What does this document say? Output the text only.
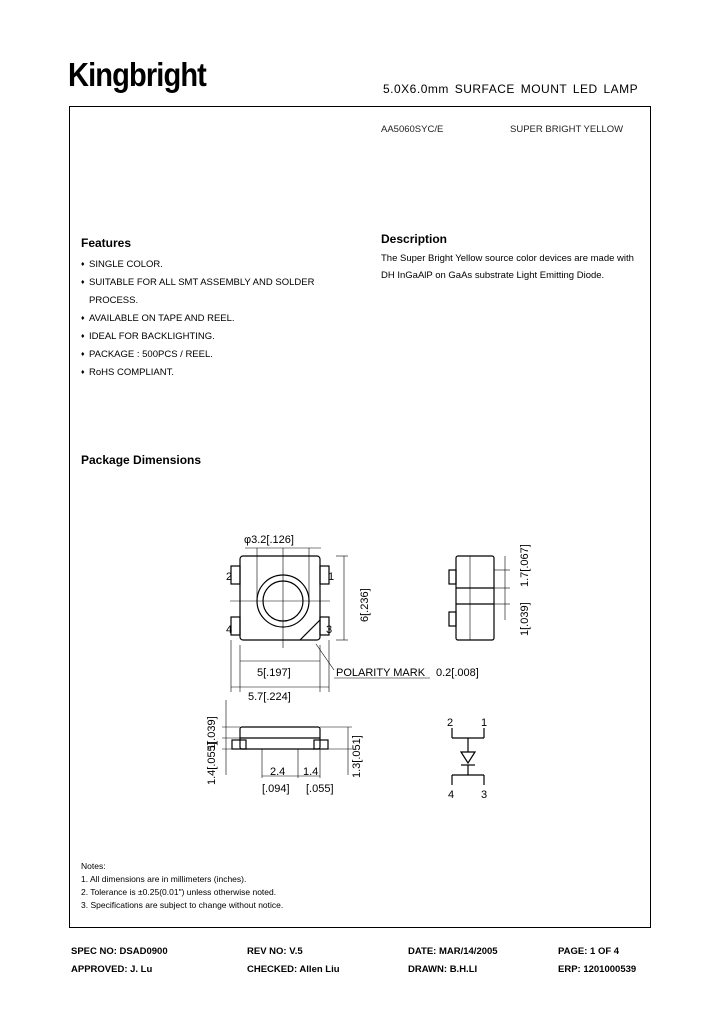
Kingbright	5.0X6.0mm SURFACE MOUNT LED LAMP
AA5060SYC/E	SUPER BRIGHT YELLOW
Features
♦ SINGLE COLOR.
♦ SUITABLE FOR ALL SMT ASSEMBLY AND SOLDER
PROCESS.
♦ AVAILABLE ON TAPE AND REEL.
♦ IDEAL FOR BACKLIGHTING.
♦ PACKAGE : 500PCS / REEL.
♦ RoHS COMPLIANT.
Description
The Super Bright Yellow source color devices are made with DH InGaAlP on GaAs substrate Light Emitting Diode.
Package Dimensions
φ3.2[.126]
2
4
1
3
6[.236]
5[.197]
5.7[.224]
POLARITY MARK 0.2[.008]
1.7[.067]
1[.039]
1[.039]
1.4[.055]	2.4 1.4
[.094] [.055]
1.3[.051]
2	1
4 3
Notes:
1. All dimensions are in millimeters (inches).
2. Tolerance is ±0.25(0.01") unless otherwise noted.
3. Specifications are subject to change without notice.
SPEC NO: DSAD0900	REV NO: V.5	DATE: MAR/14/2005	PAGE: 1 OF 4
APPROVED: J. Lu	CHECKED: Allen Liu	DRAWN: B.H.LI	ERP: 1201000539
